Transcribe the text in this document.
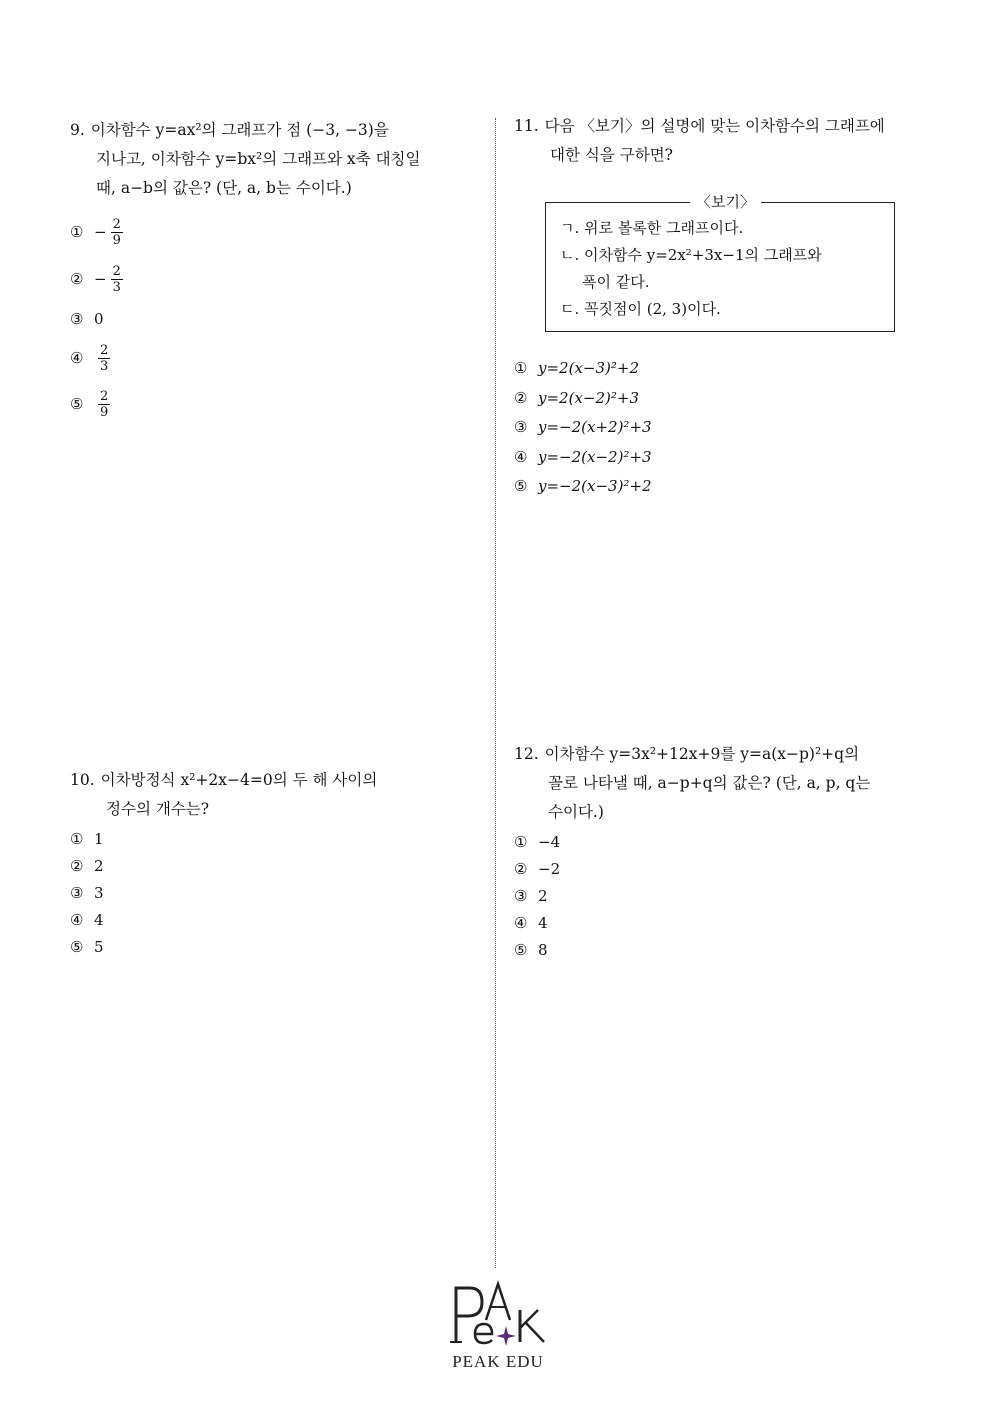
9. 이차함수 y=ax²의 그래프가 점 (−3, −3)을
지나고, 이차함수 y=bx²의 그래프와 x축 대칭일
때, a−b의 값은? (단, a, b는 수이다.)
① − $\frac{2}{9}$
② − $\frac{2}{3}$
③ 0
④	$\frac{2}{3}$
⑤	$\frac{2}{9}$
10. 이차방정식 x²+2x−4=0의 두 해 사이의
정수의 개수는?
① 1
② 2
③ 3
④ 4
⑤ 5
11. 다음 〈보기〉의 설명에 맞는 이차함수의 그래프에
대한 식을 구하면?
〈보기〉
ㄱ. 위로 볼록한 그래프이다.
ㄴ. 이차함수 y=2x²+3x−1의 그래프와
폭이 같다.
ㄷ. 꼭짓점이 (2, 3)이다.
① y=2(x−3)²+2
② y=2(x−2)²+3
③ y=−2(x+2)²+3
④ y=−2(x−2)²+3
⑤ y=−2(x−3)²+2
12. 이차함수 y=3x²+12x+9를 y=a(x−p)²+q의
꼴로 나타낼 때, a−p+q의 값은? (단, a, p, q는
수이다.)
① −4
② −2
③ 2
④ 4
⑤ 8
PEAK EDU
